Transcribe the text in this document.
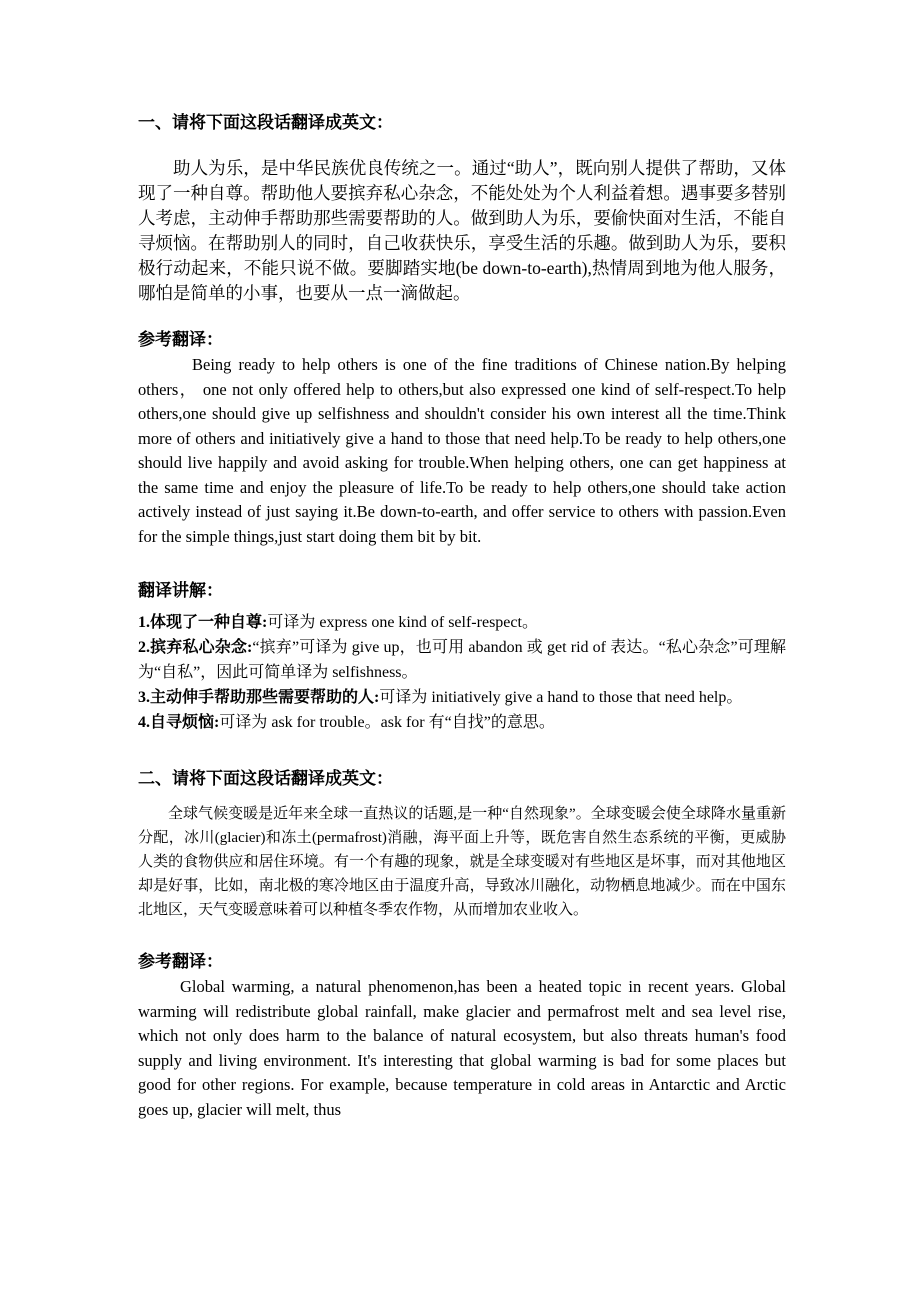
一、请将下面这段话翻译成英文：

助人为乐，是中华民族优良传统之一。通过“助人”，既向别人提供了帮助，又体现了一种自尊。帮助他人要摈弃私心杂念，不能处处为个人利益着想。遇事要多替别人考虑，主动伸手帮助那些需要帮助的人。做到助人为乐，要偷快面对生活，不能自寻烦恼。在帮助别人的同时，自己收获快乐，享受生活的乐趣。做到助人为乐，要积极行动起来，不能只说不做。要脚踏实地(be down-to-earth),热情周到地为他人服务，哪怕是简单的小事，也要从一点一滴做起。

参考翻译：

Being ready to help others is one of the fine traditions of Chinese nation.By helping others， one not only offered help to others,but also expressed one kind of self-respect.To help others,one should give up selfishness and shouldn't consider his own interest all the time.Think more of others and initiatively give a hand to those that need help.To be ready to help others,one should live happily and avoid asking for trouble.When helping others, one can get happiness at the same time and enjoy the pleasure of life.To be ready to help others,one should take action actively instead of just saying it.Be down-to-earth, and offer service to others with passion.Even for the simple things,just start doing them bit by bit.

翻译讲解：

1.体现了一种自尊:可译为 express one kind of self-respect。

2.摈弃私心杂念:“摈弃”可译为 give up，也可用 abandon 或 get rid of 表达。“私心杂念”可理解为“自私”，因此可简单译为 selfishness。

3.主动伸手帮助那些需要帮助的人:可译为 initiatively give a hand to those that need help。

4.自寻烦恼:可译为 ask for trouble。ask for 有“自找”的意思。

二、请将下面这段话翻译成英文：

全球气候变暖是近年来全球一直热议的话题,是一种“自然现象”。全球变暖会使全球降水量重新分配，冰川(glacier)和冻土(permafrost)消融，海平面上升等，既危害自然生态系统的平衡，更威胁人类的食物供应和居住环境。有一个有趣的现象，就是全球变暖对有些地区是坏事，而对其他地区却是好事，比如，南北极的寒冷地区由于温度升高，导致冰川融化，动物栖息地减少。而在中国东北地区，天气变暖意味着可以种植冬季农作物，从而增加农业收入。

参考翻译：

Global warming, a natural phenomenon,has been a heated topic in recent years. Global warming will redistribute global rainfall, make glacier and permafrost melt and sea level rise, which not only does harm to the balance of natural ecosystem, but also threats human's food supply and living environment. It's interesting that global warming is bad for some places but good for other regions. For example, because temperature in cold areas in Antarctic and Arctic goes up, glacier will melt, thus
